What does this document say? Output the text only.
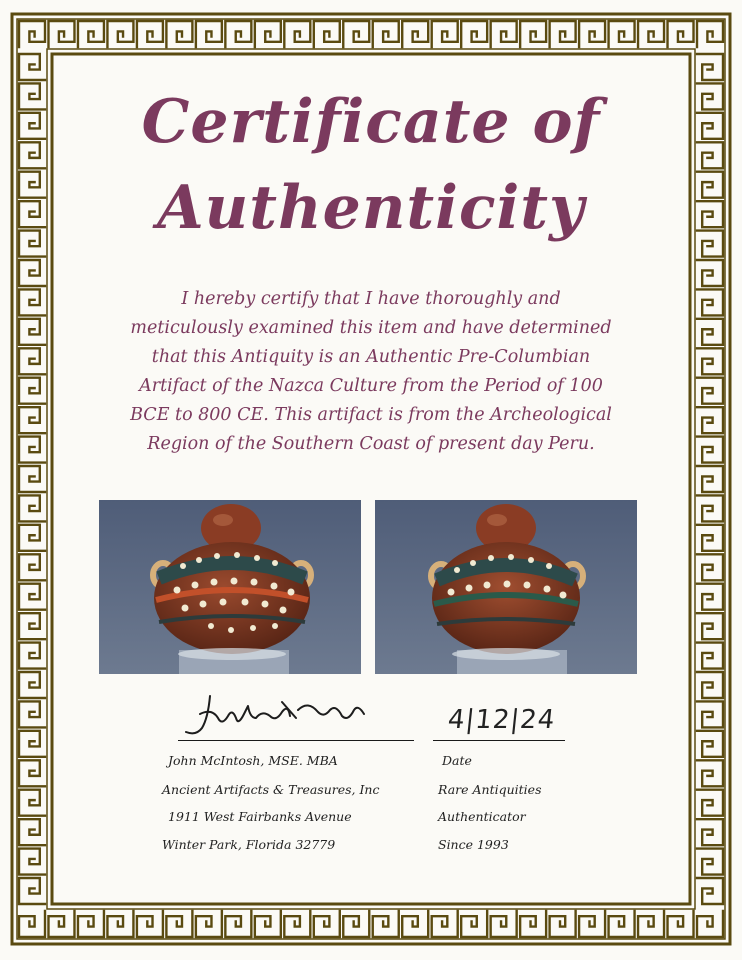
Certificate of
Authenticity
I hereby certify that I have thoroughly and
meticulously examined this item and have determined
that this Antiquity is an Authentic Pre-Columbian
Artifact of the Nazca Culture from the Period of 100
BCE to 800 CE. This artifact is from the Archeological
Region of the Southern Coast of present day Peru.
4|12|24
John McIntosh, MSE. MBA
Ancient Artifacts & Treasures, Inc
1911 West Fairbanks Avenue
Winter Park, Florida 32779
Date
Rare Antiquities
Authenticator
Since 1993
